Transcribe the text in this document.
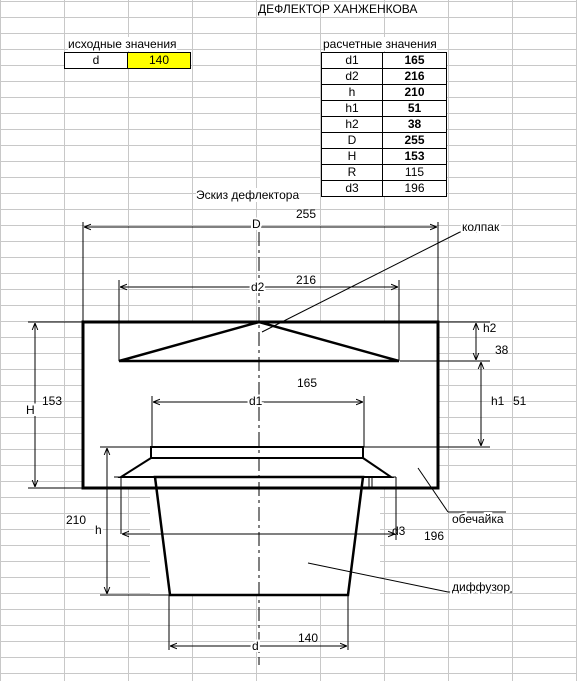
ДЕФЛЕКТОР ХАНЖЕНКОВА
исходные значения
d	140
расчетные значения
d1	165
d2	216
h	210
h1	51
h2	38
D	255
H	153
R	115
d3	196
Эскиз дефлектора
D
255
d2	216
d1
165
d
140
d3 196
H
153
h
210
h1 51
h2
38
колпак
обечайка
диффузор
